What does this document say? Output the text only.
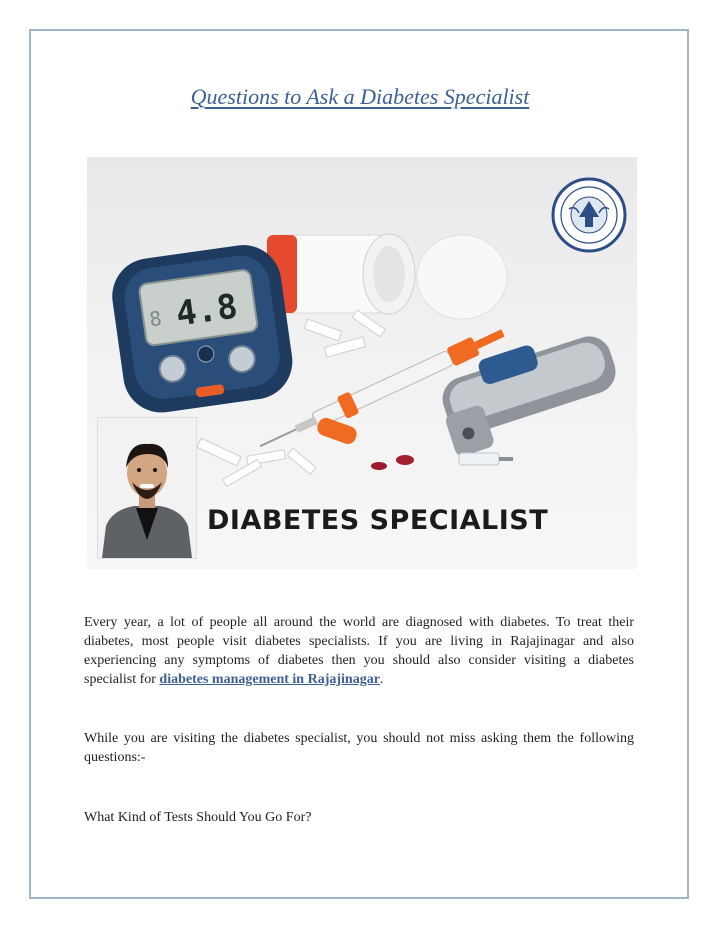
Questions to Ask a Diabetes Specialist
4.8
8
DIABETES SPECIALIST
Every year, a lot of people all around the world are diagnosed with diabetes. To treat their diabetes, most people visit diabetes specialists. If you are living in Rajajinagar and also experiencing any symptoms of diabetes then you should also consider visiting a diabetes specialist for diabetes management in Rajajinagar.
While you are visiting the diabetes specialist, you should not miss asking them the following questions:-
What Kind of Tests Should You Go For?
